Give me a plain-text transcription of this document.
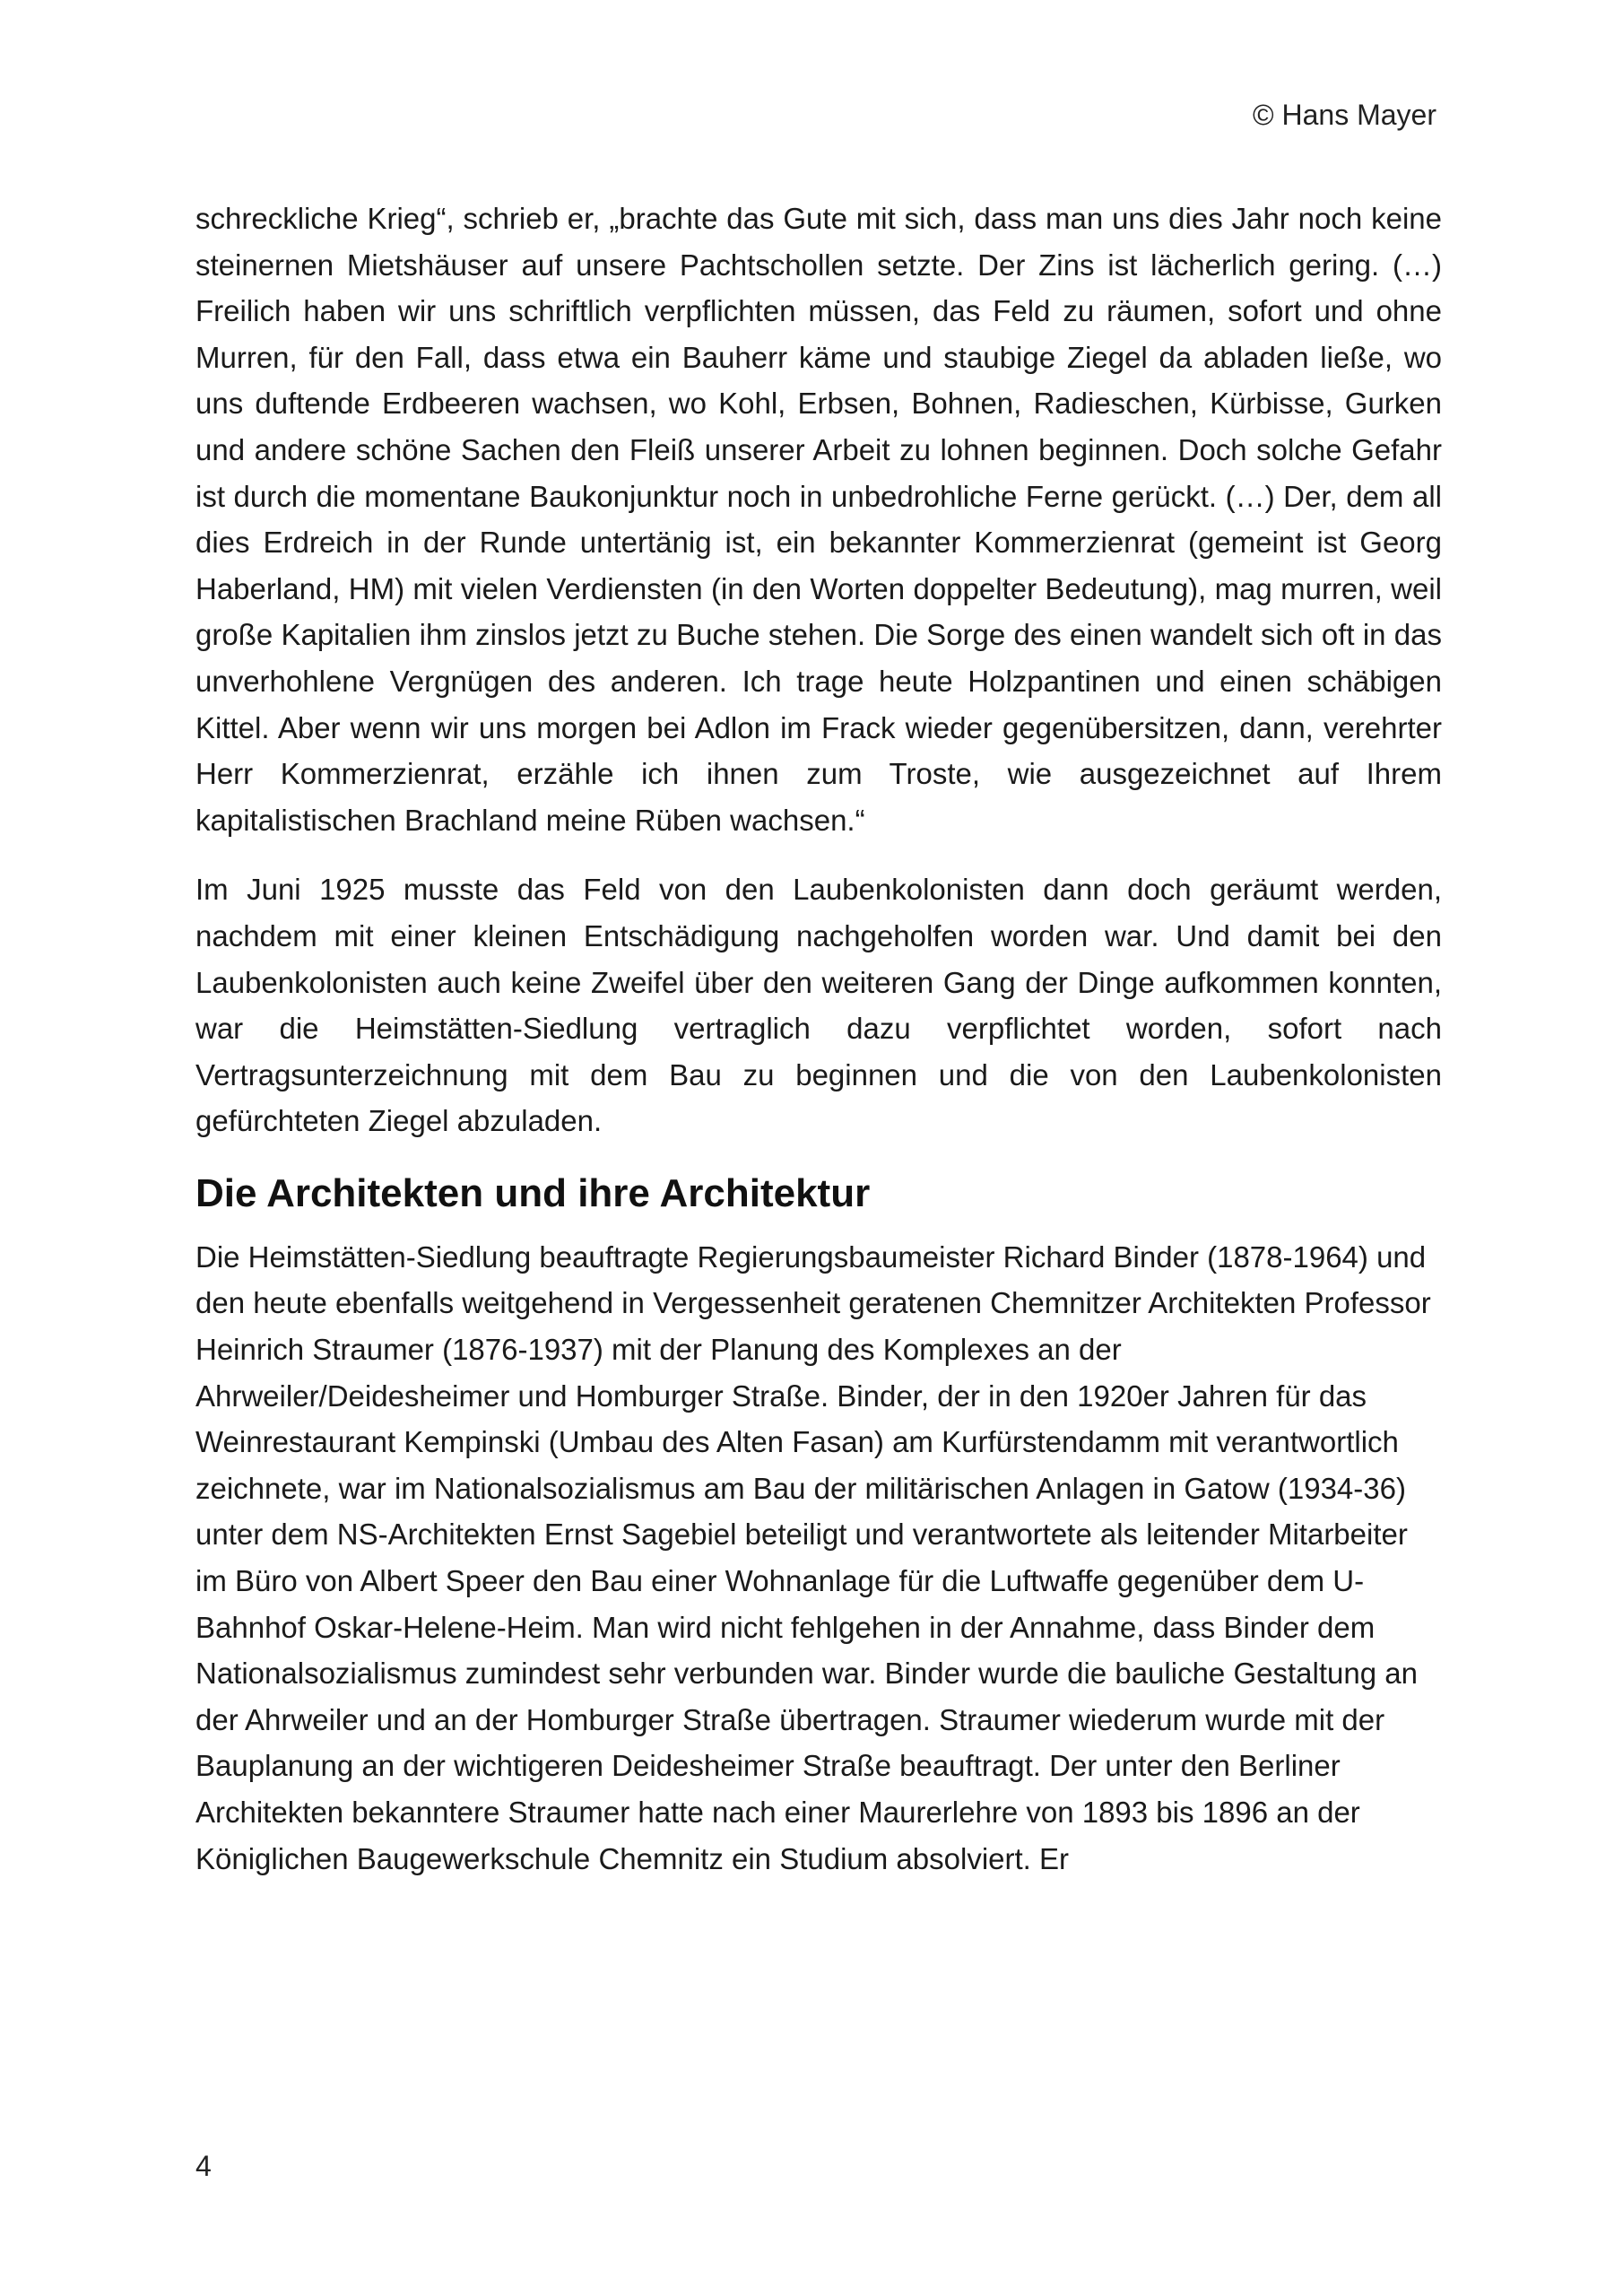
© Hans Mayer

schreckliche Krieg“, schrieb er, „brachte das Gute mit sich, dass man uns dies Jahr noch keine steinernen Mietshäuser auf unsere Pachtschollen setzte. Der Zins ist lächerlich gering. (…) Freilich haben wir uns schriftlich verpflichten müssen, das Feld zu räumen, sofort und ohne Murren, für den Fall, dass etwa ein Bauherr käme und staubige Ziegel da abladen ließe, wo uns duftende Erdbeeren wachsen, wo Kohl, Erbsen, Bohnen, Radieschen, Kürbisse, Gurken und andere schöne Sachen den Fleiß unserer Arbeit zu lohnen beginnen. Doch solche Gefahr ist durch die momentane Baukonjunktur noch in unbedrohliche Ferne gerückt. (…) Der, dem all dies Erdreich in der Runde untertänig ist, ein bekannter Kommerzienrat (gemeint ist Georg Haberland, HM) mit vielen Verdiensten (in den Worten doppelter Bedeutung), mag murren, weil große Kapitalien ihm zinslos jetzt zu Buche stehen. Die Sorge des einen wandelt sich oft in das unverhohlene Vergnügen des anderen. Ich trage heute Holzpantinen und einen schäbigen Kittel. Aber wenn wir uns morgen bei Adlon im Frack wieder gegenübersitzen, dann, verehrter Herr Kommerzienrat, erzähle ich ihnen zum Troste, wie ausgezeichnet auf Ihrem kapitalistischen Brachland meine Rüben wachsen.“

Im Juni 1925 musste das Feld von den Laubenkolonisten dann doch geräumt werden, nachdem mit einer kleinen Entschädigung nachgeholfen worden war. Und damit bei den Laubenkolonisten auch keine Zweifel über den weiteren Gang der Dinge aufkommen konnten, war die Heimstätten-Siedlung vertraglich dazu verpflichtet worden, sofort nach Vertragsunterzeichnung mit dem Bau zu beginnen und die von den Laubenkolonisten gefürchteten Ziegel abzuladen.

Die Architekten und ihre Architektur

Die Heimstätten-Siedlung beauftragte Regierungsbaumeister Richard Binder (1878-1964) und den heute ebenfalls weitgehend in Vergessenheit geratenen Chemnitzer Architekten Professor Heinrich Straumer (1876-1937) mit der Planung des Komplexes an der Ahrweiler/Deidesheimer und Homburger Straße. Binder, der in den 1920er Jahren für das Weinrestaurant Kempinski (Umbau des Alten Fasan) am Kurfürstendamm mit verantwortlich zeichnete, war im Nationalsozialismus am Bau der militärischen Anlagen in Gatow (1934-36) unter dem NS-Architekten Ernst Sagebiel beteiligt und verantwortete als leitender Mitarbeiter im Büro von Albert Speer den Bau einer Wohnanlage für die Luftwaffe gegenüber dem U-Bahnhof Oskar-Helene-Heim. Man wird nicht fehlgehen in der Annahme, dass Binder dem Nationalsozialismus zumindest sehr verbunden war. Binder wurde die bauliche Gestaltung an der Ahrweiler und an der Homburger Straße übertragen. Straumer wiederum wurde mit der Bauplanung an der wichtigeren Deidesheimer Straße beauftragt. Der unter den Berliner Architekten bekanntere Straumer hatte nach einer Maurerlehre von 1893 bis 1896 an der Königlichen Baugewerkschule Chemnitz ein Studium absolviert. Er

4
